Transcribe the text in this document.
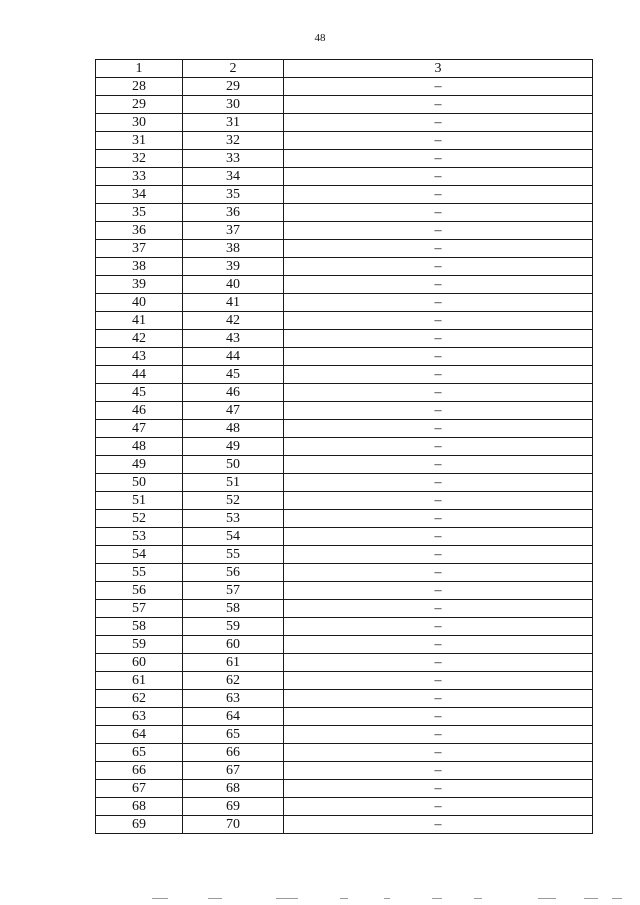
48
1	2	3
28	29	–
29	30	–
30	31	–
31	32	–
32	33	–
33	34	–
34	35	–
35	36	–
36	37	–
37	38	–
38	39	–
39	40	–
40	41	–
41	42	–
42	43	–
43	44	–
44	45	–
45	46	–
46	47	–
47	48	–
48	49	–
49	50	–
50	51	–
51	52	–
52	53	–
53	54	–
54	55	–
55	56	–
56	57	–
57	58	–
58	59	–
59	60	–
60	61	–
61	62	–
62	63	–
63	64	–
64	65	–
65	66	–
66	67	–
67	68	–
68	69	–
69	70	–
